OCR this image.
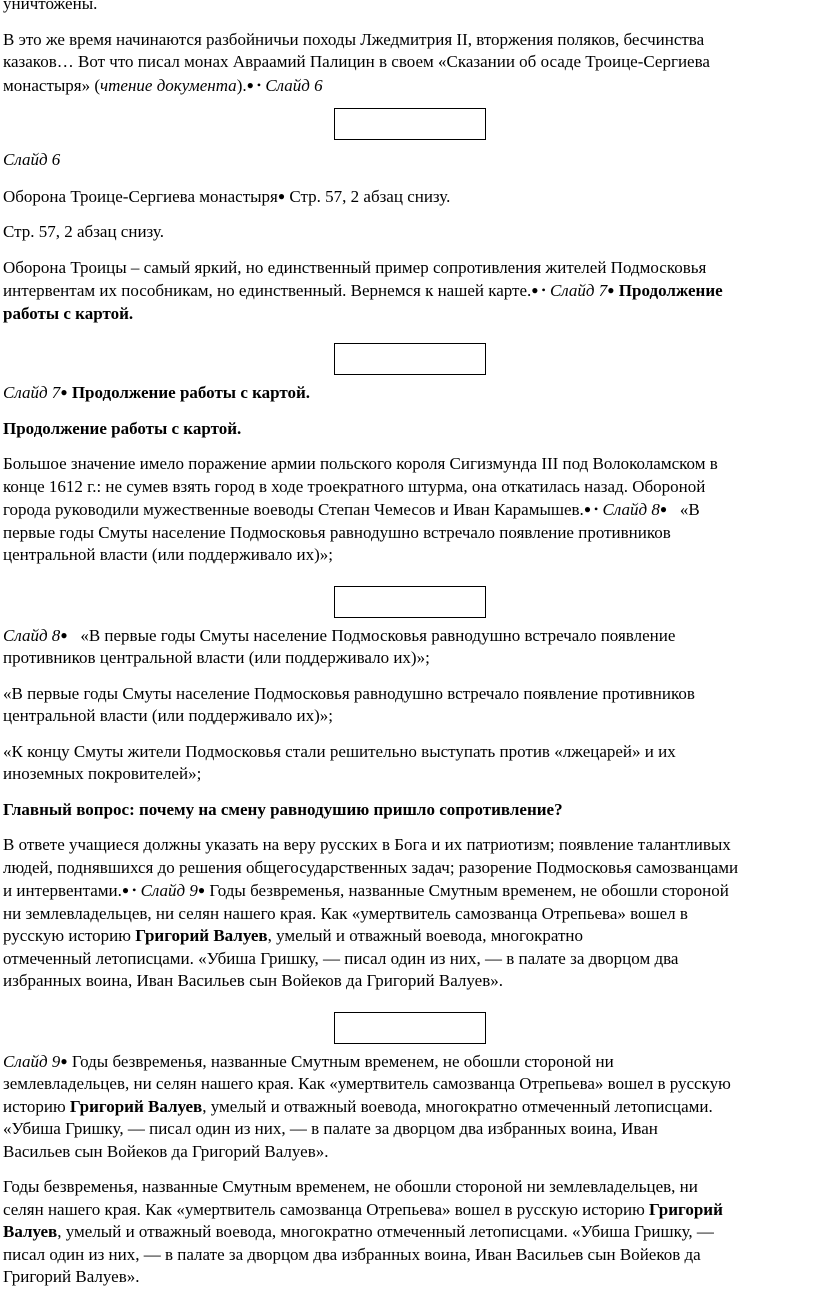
уничтожены.

В это же время начинаются разбойничьи походы Лжедмитрия II, вторжения поляков, бесчинства
казаков… Вот что писал монах Авраамий Палицин в своем «Сказании об осаде Троице-Сергиева
монастыря» (чтение документа).● • Слайд 6

Слайд 6

Оборона Троице-Сергиева монастыря● Стр. 57, 2 абзац снизу.

Стр. 57, 2 абзац снизу.

Оборона Троицы – самый яркий, но единственный пример сопротивления жителей Подмосковья
интервентам их пособникам, но единственный. Вернемся к нашей карте.● • Слайд 7● Продолжение
работы с картой.

Слайд 7● Продолжение работы с картой.

Продолжение работы с картой.

Большое значение имело поражение армии польского короля Сигизмунда III под Волоколамском в
конце 1612 г.: не сумев взять город в ходе троекратного штурма, она откатилась назад. Обороной
города руководили мужественные воеводы Степан Чемесов и Иван Карамышев.● • Слайд 8● «В
первые годы Смуты население Подмосковья равнодушно встречало появление противников
центральной власти (или поддерживало их)»;

Слайд 8● «В первые годы Смуты население Подмосковья равнодушно встречало появление
противников центральной власти (или поддерживало их)»;

«В первые годы Смуты население Подмосковья равнодушно встречало появление противников
центральной власти (или поддерживало их)»;

«К концу Смуты жители Подмосковья стали решительно выступать против «лжецарей» и их
иноземных покровителей»;

Главный вопрос: почему на смену равнодушию пришло сопротивление?

В ответе учащиеся должны указать на веру русских в Бога и их патриотизм; появление талантливых
людей, поднявшихся до решения общегосударственных задач; разорение Подмосковья самозванцами
и интервентами.● • Слайд 9● Годы безвременья, названные Смутным временем, не обошли стороной
ни землевладельцев, ни селян нашего края. Как «умертвитель самозванца Отрепьева» вошел в
русскую историю Григорий Валуев, умелый и отважный воевода, многократно
отмеченный летописцами. «Убиша Гришку, — писал один из них, — в палате за дворцом два
избранных воина, Иван Васильев сын Войеков да Григорий Валуев».

Слайд 9● Годы безвременья, названные Смутным временем, не обошли стороной ни
землевладельцев, ни селян нашего края. Как «умертвитель самозванца Отрепьева» вошел в русскую
историю Григорий Валуев, умелый и отважный воевода, многократно отмеченный летописцами.
«Убиша Гришку, — писал один из них, — в палате за дворцом два избранных воина, Иван
Васильев сын Войеков да Григорий Валуев».

Годы безвременья, названные Смутным временем, не обошли стороной ни землевладельцев, ни
селян нашего края. Как «умертвитель самозванца Отрепьева» вошел в русскую историю Григорий
Валуев, умелый и отважный воевода, многократно отмеченный летописцами. «Убиша Гришку, —
писал один из них, — в палате за дворцом два избранных воина, Иван Васильев сын Войеков да
Григорий Валуев».
